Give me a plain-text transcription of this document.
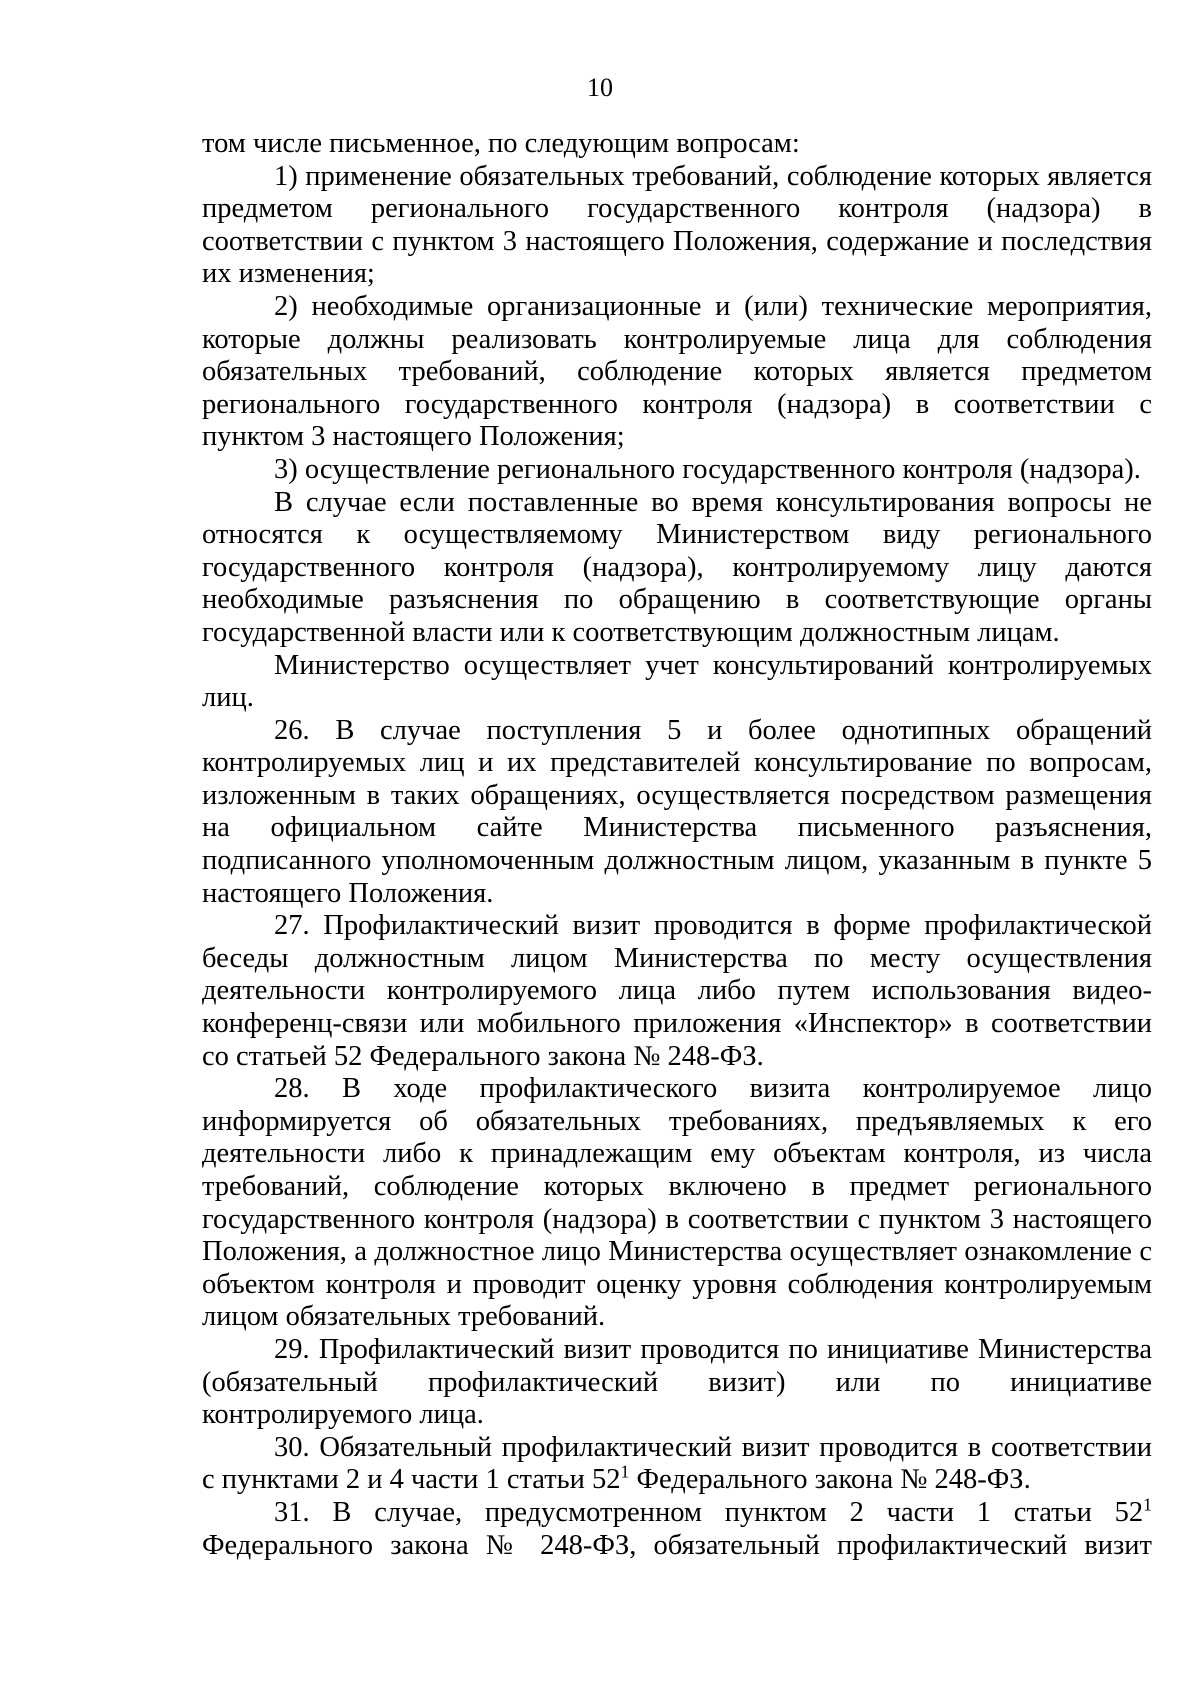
10

том числе письменное, по следующим вопросам:

1) применение обязательных требований, соблюдение которых является предметом регионального государственного контроля (надзора) в соответствии с пунктом 3 настоящего Положения, содержание и последствия их изменения;

2) необходимые организационные и (или) технические мероприятия, которые должны реализовать контролируемые лица для соблюдения обязательных требований, соблюдение которых является предметом регионального государственного контроля (надзора) в соответствии с пунктом 3 настоящего Положения;

3) осуществление регионального государственного контроля (надзора).

В случае если поставленные во время консультирования вопросы не относятся к осуществляемому Министерством виду регионального государственного контроля (надзора), контролируемому лицу даются необходимые разъяснения по обращению в соответствующие органы государственной власти или к соответствующим должностным лицам.

Министерство осуществляет учет консультирований контролируемых лиц.

26. В случае поступления 5 и более однотипных обращений контролируемых лиц и их представителей консультирование по вопросам, изложенным в таких обращениях, осуществляется посредством размещения на официальном сайте Министерства письменного разъяснения, подписанного уполномоченным должностным лицом, указанным в пункте 5 настоящего Положения.

27. Профилактический визит проводится в форме профилактической беседы должностным лицом Министерства по месту осуществления деятельности контролируемого лица либо путем использования видео-конференц-связи или мобильного приложения «Инспектор» в соответствии со статьей 52 Федерального закона № 248-ФЗ.

28. В ходе профилактического визита контролируемое лицо информируется об обязательных требованиях, предъявляемых к его деятельности либо к принадлежащим ему объектам контроля, из числа требований, соблюдение которых включено в предмет регионального государственного контроля (надзора) в соответствии с пунктом 3 настоящего Положения, а должностное лицо Министерства осуществляет ознакомление с объектом контроля и проводит оценку уровня соблюдения контролируемым лицом обязательных требований.

29. Профилактический визит проводится по инициативе Министерства (обязательный профилактический визит) или по инициативе контролируемого лица.

30. Обязательный профилактический визит проводится в соответствии с пунктами 2 и 4 части 1 статьи $52^1$ Федерального закона № 248-ФЗ.

31. В случае, предусмотренном пунктом 2 части 1 статьи $52^1$ Федерального закона № 248-ФЗ, обязательный профилактический визит
